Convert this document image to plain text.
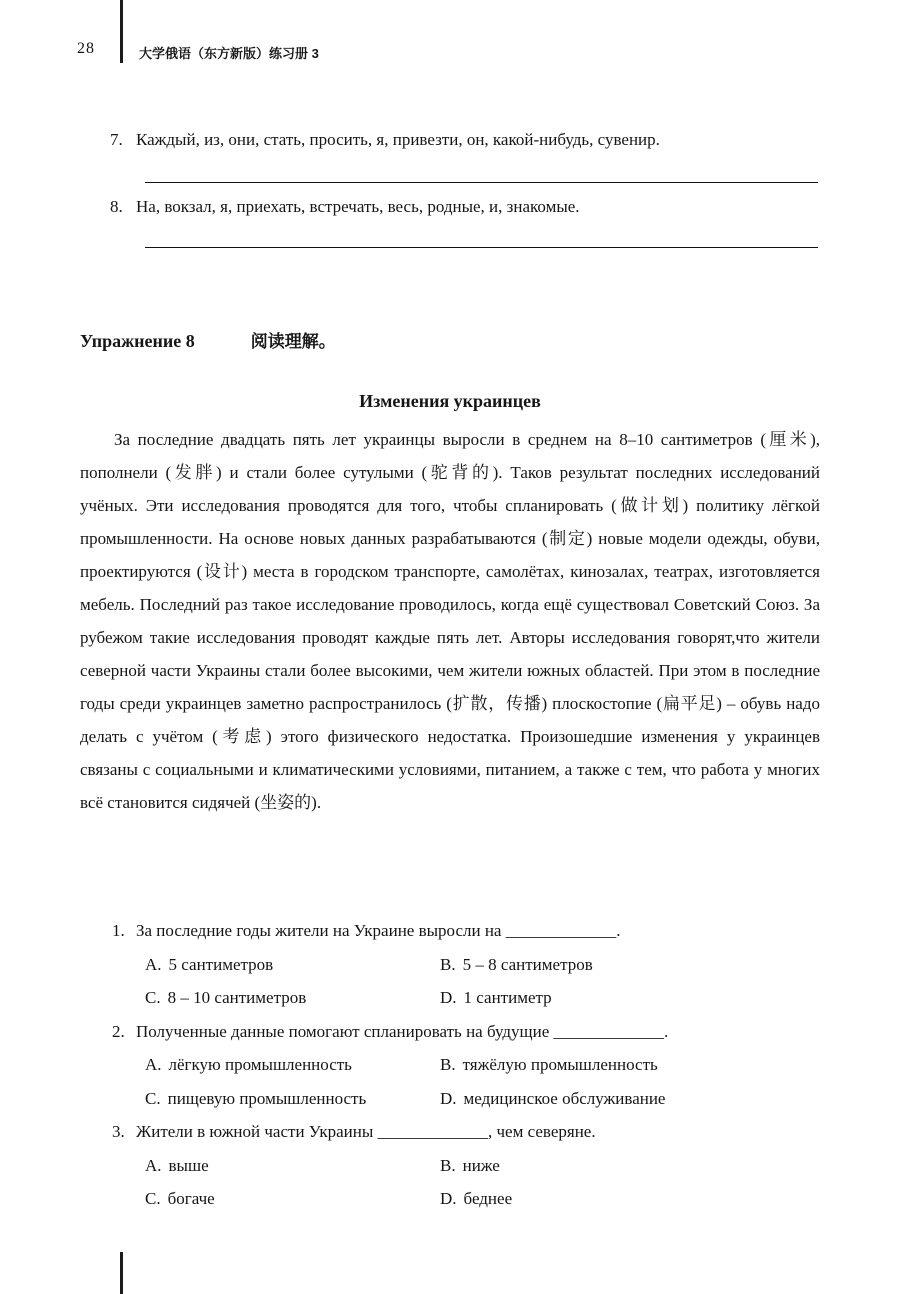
28	大学俄语（东方新版）练习册 3
7. Каждый, из, они, стать, просить, я, привезти, он, какой-нибудь, сувенир.
8. На, вокзал, я, приехать, встречать, весь, родные, и, знакомые.
Упражнение 8	阅读理解。
Изменения украинцев
За последние двадцать пять лет украинцы выросли в среднем на 8–10 сантиметров (厘米), пополнели (发胖) и стали более сутулыми (驼背的). Таков результат последних исследований учёных. Эти исследования проводятся для того, чтобы спланировать (做计划) политику лёгкой промышленности. На основе новых данных разрабатываются (制定) новые модели одежды, обуви, проектируются (设计) места в городском транспорте, самолётах, кинозалах, театрах, изготовляется мебель. Последний раз такое исследование проводилось, когда ещё существовал Советский Союз. За рубежом такие исследования проводят каждые пять лет. Авторы исследования говорят,что жители северной части Украины стали более высокими, чем жители южных областей. При этом в последние годы среди украинцев заметно распространилось (扩散，传播) плоскостопие (扁平足) – обувь надо делать с учётом (考虑) этого физического недостатка. Произошедшие изменения у украинцев связаны с социальными и климатическими условиями, питанием, а также с тем, что работа у многих всё становится сидячей (坐姿的).
1. За последние годы жители на Украине выросли на _____________.
A. 5 сантиметров	B. 5 – 8 сантиметров
C. 8 – 10 сантиметров	D. 1 сантиметр
2. Полученные данные помогают спланировать на будущие _____________.
A. лёгкую промышленность	B. тяжёлую промышленность
C. пищевую промышленность	D. медицинское обслуживание
3. Жители в южной части Украины _____________, чем северяне.
A. выше	B. ниже
C. богаче	D. беднее
